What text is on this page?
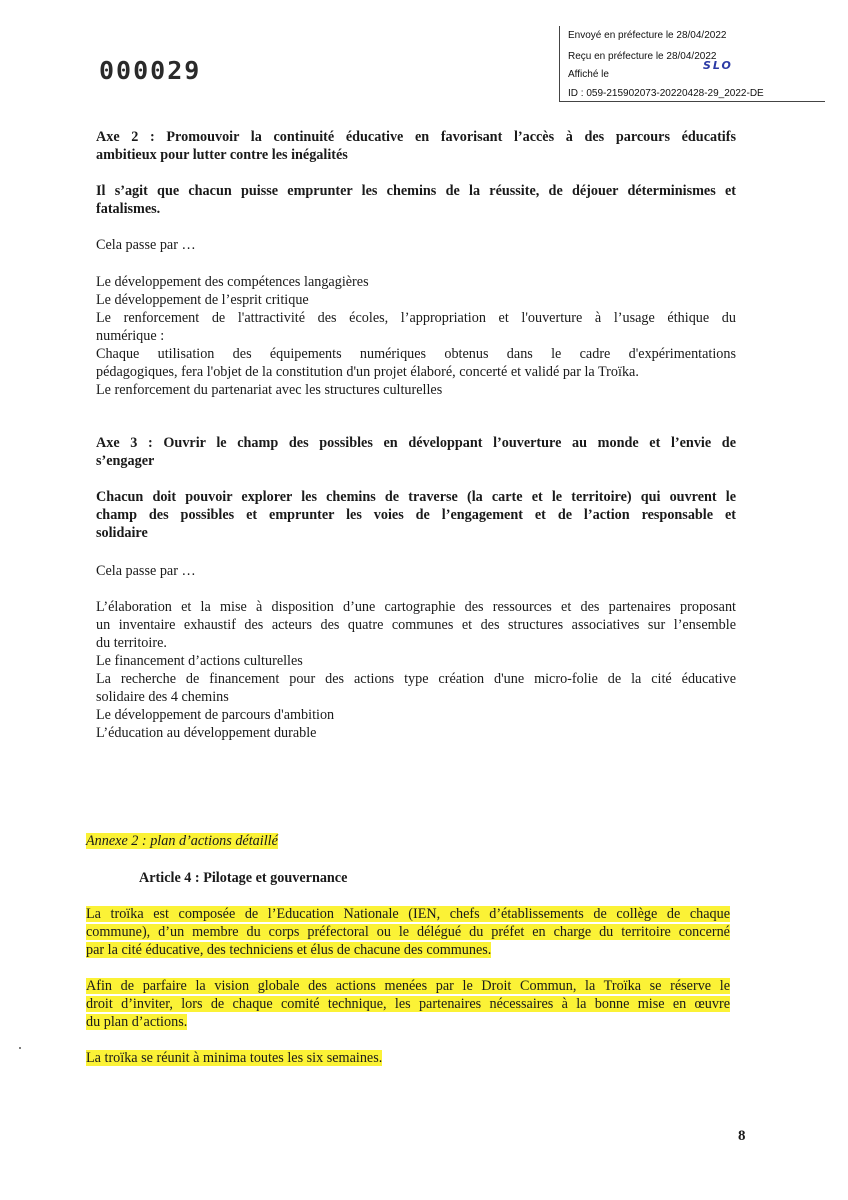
000029
Envoyé en préfecture le 28/04/2022
Reçu en préfecture le 28/04/2022
Affiché le
SLO
ID : 059-215902073-20220428-29_2022-DE
Axe 2 : Promouvoir la continuité éducative en favorisant l’accès à des parcours éducatifs
ambitieux pour lutter contre les inégalités
Il s’agit que chacun puisse emprunter les chemins de la réussite, de déjouer déterminismes et
fatalismes.
Cela passe par …
Le développement des compétences langagières
Le développement de l’esprit critique
Le renforcement de l'attractivité des écoles, l’appropriation et l'ouverture à l’usage éthique du
numérique :
Chaque utilisation des équipements numériques obtenus dans le cadre d'expérimentations
pédagogiques, fera l'objet de la constitution d'un projet élaboré, concerté et validé par la Troïka.
Le renforcement du partenariat avec les structures culturelles
Axe 3 : Ouvrir le champ des possibles en développant l’ouverture au monde et l’envie de
s’engager
Chacun doit pouvoir explorer les chemins de traverse (la carte et le territoire) qui ouvrent le
champ des possibles et emprunter les voies de l’engagement et de l’action responsable et
solidaire
Cela passe par …
L’élaboration et la mise à disposition d’une cartographie des ressources et des partenaires proposant
un inventaire exhaustif des acteurs des quatre communes et des structures associatives sur l’ensemble
du territoire.
Le financement d’actions culturelles
La recherche de financement pour des actions type création d'une micro-folie de la cité éducative
solidaire des 4 chemins
Le développement de parcours d'ambition
L’éducation au développement durable
Annexe 2 : plan d’actions détaillé
Article 4 : Pilotage et gouvernance
La troïka est composée de l’Education Nationale (IEN, chefs d’établissements de collège de chaque
commune), d’un membre du corps préfectoral ou le délégué du préfet en charge du territoire concerné
par la cité éducative, des techniciens et élus de chacune des communes.
Afin de parfaire la vision globale des actions menées par le Droit Commun, la Troïka se réserve le
droit d’inviter, lors de chaque comité technique, les partenaires nécessaires à la bonne mise en œuvre
du plan d’actions.
La troïka se réunit à minima toutes les six semaines.
8
